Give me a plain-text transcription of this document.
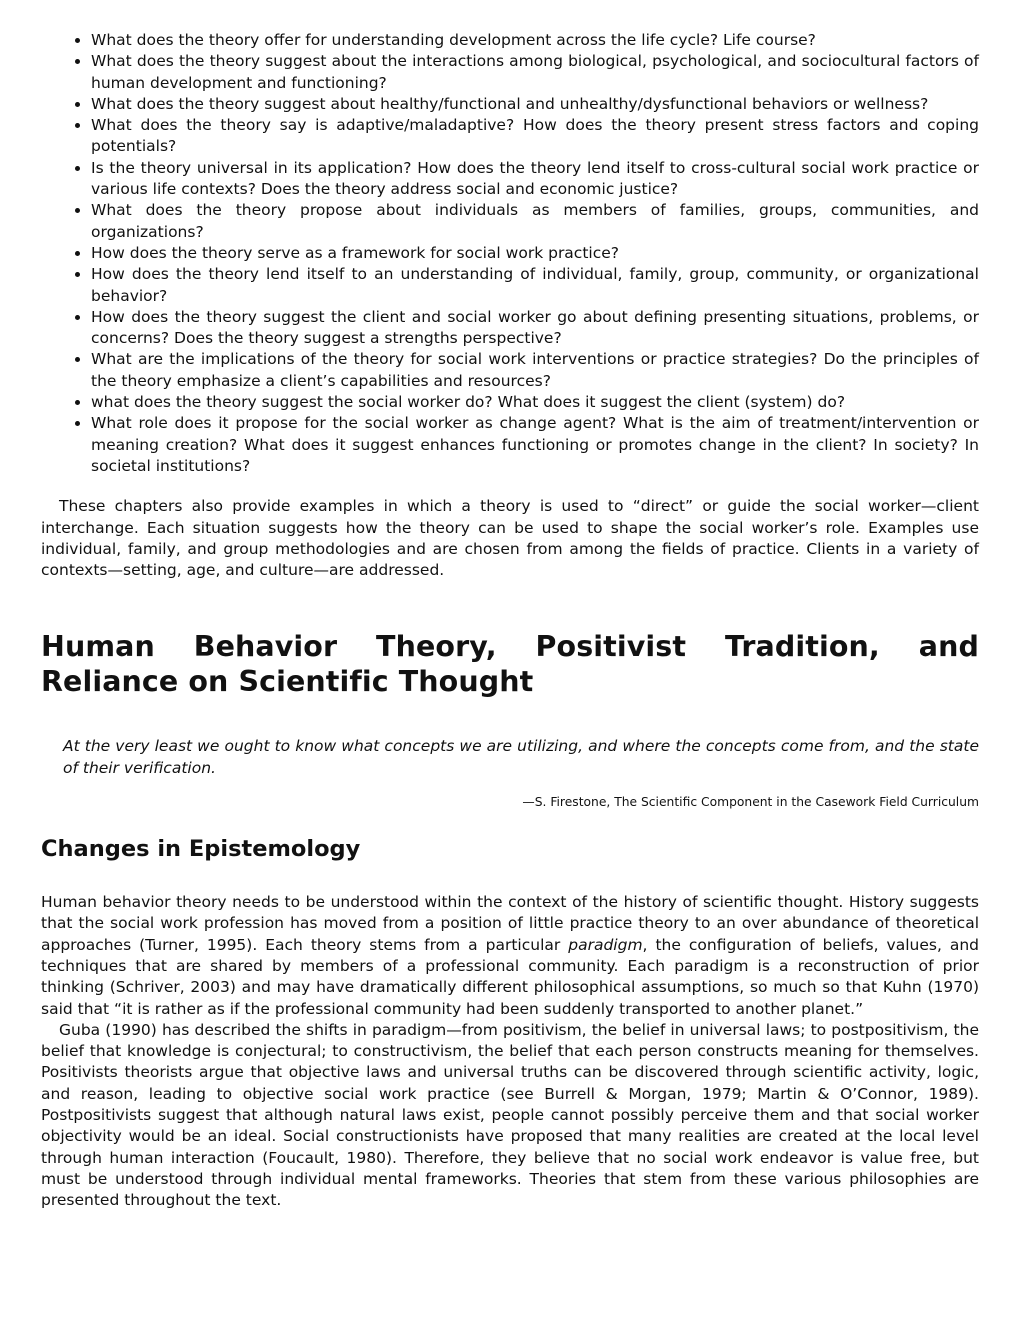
• What does the theory offer for understanding development across the life cycle? Life course?
• What does the theory suggest about the interactions among biological, psychological, and sociocultural factors of human development and functioning?
• What does the theory suggest about healthy/functional and unhealthy/dysfunctional behaviors or wellness?
• What does the theory say is adaptive/maladaptive? How does the theory present stress factors and coping potentials?
• Is the theory universal in its application? How does the theory lend itself to cross-cultural social work practice or various life contexts? Does the theory address social and economic justice?
• What does the theory propose about individuals as members of families, groups, communities, and organizations?
• How does the theory serve as a framework for social work practice?
• How does the theory lend itself to an understanding of individual, family, group, community, or organizational behavior?
• How does the theory suggest the client and social worker go about defining presenting situations, problems, or concerns? Does the theory suggest a strengths perspective?
• What are the implications of the theory for social work interventions or practice strategies? Do the principles of the theory emphasize a client’s capabilities and resources?
• what does the theory suggest the social worker do? What does it suggest the client (system) do?
• What role does it propose for the social worker as change agent? What is the aim of treatment/intervention or meaning creation? What does it suggest enhances functioning or promotes change in the client? In society? In societal institutions?

These chapters also provide examples in which a theory is used to “direct” or guide the social worker—client interchange. Each situation suggests how the theory can be used to shape the social worker’s role. Examples use individual, family, and group methodologies and are chosen from among the fields of practice. Clients in a variety of contexts—setting, age, and culture—are addressed.

Human Behavior Theory, Positivist Tradition, and Reliance on Scientific Thought
At the very least we ought to know what concepts we are utilizing, and where the concepts come from, and the state of their verification.
—S. Firestone, The Scientific Component in the Casework Field Curriculum
Changes in Epistemology

Human behavior theory needs to be understood within the context of the history of scientific thought. History suggests that the social work profession has moved from a position of little practice theory to an over abundance of theoretical approaches (Turner, 1995). Each theory stems from a particular paradigm, the configuration of beliefs, values, and techniques that are shared by members of a professional community. Each paradigm is a reconstruction of prior thinking (Schriver, 2003) and may have dramatically different philosophical assumptions, so much so that Kuhn (1970) said that “it is rather as if the professional community had been suddenly transported to another planet.”

Guba (1990) has described the shifts in paradigm—from positivism, the belief in universal laws; to postpositivism, the belief that knowledge is conjectural; to constructivism, the belief that each person constructs meaning for themselves. Positivists theorists argue that objective laws and universal truths can be discovered through scientific activity, logic, and reason, leading to objective social work practice (see Burrell & Morgan, 1979; Martin & O’Connor, 1989). Postpositivists suggest that although natural laws exist, people cannot possibly perceive them and that social worker objectivity would be an ideal. Social constructionists have proposed that many realities are created at the local level through human interaction (Foucault, 1980). Therefore, they believe that no social work endeavor is value free, but must be understood through individual mental frameworks. Theories that stem from these various philosophies are presented throughout the text.
